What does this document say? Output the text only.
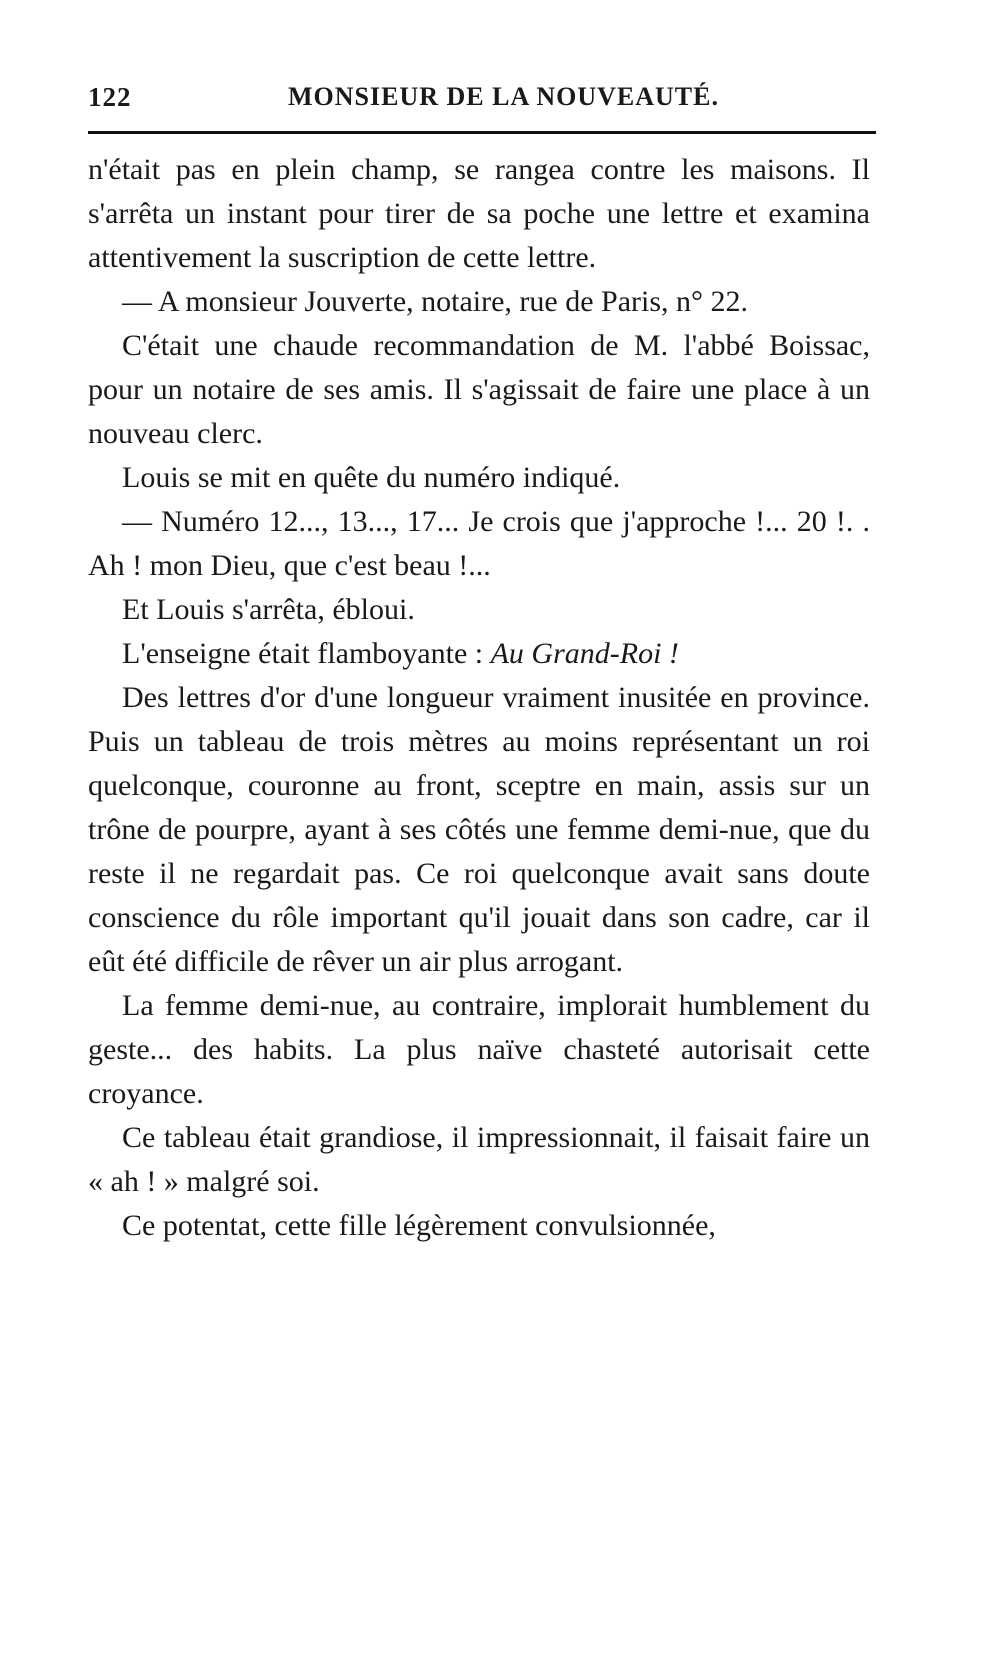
122	MONSIEUR DE LA NOUVEAUTÉ.

n'était pas en plein champ, se rangea contre les maisons. Il s'arrêta un instant pour tirer de sa poche une lettre et examina attentivement la suscription de cette lettre.

— A monsieur Jouverte, notaire, rue de Paris, n° 22.

C'était une chaude recommandation de M. l'abbé Boissac, pour un notaire de ses amis. Il s'agissait de faire une place à un nouveau clerc.

Louis se mit en quête du numéro indiqué.

— Numéro 12..., 13..., 17... Je crois que j'approche !... 20 !. . Ah ! mon Dieu, que c'est beau !...

Et Louis s'arrêta, ébloui.

L'enseigne était flamboyante : Au Grand-Roi !

Des lettres d'or d'une longueur vraiment inusitée en province. Puis un tableau de trois mètres au moins représentant un roi quelconque, couronne au front, sceptre en main, assis sur un trône de pourpre, ayant à ses côtés une femme demi-nue, que du reste il ne regardait pas. Ce roi quelconque avait sans doute conscience du rôle important qu'il jouait dans son cadre, car il eût été difficile de rêver un air plus arrogant.

La femme demi-nue, au contraire, implorait humblement du geste... des habits. La plus naïve chasteté autorisait cette croyance.

Ce tableau était grandiose, il impressionnait, il faisait faire un « ah ! » malgré soi.

Ce potentat, cette fille légèrement convulsionnée,
